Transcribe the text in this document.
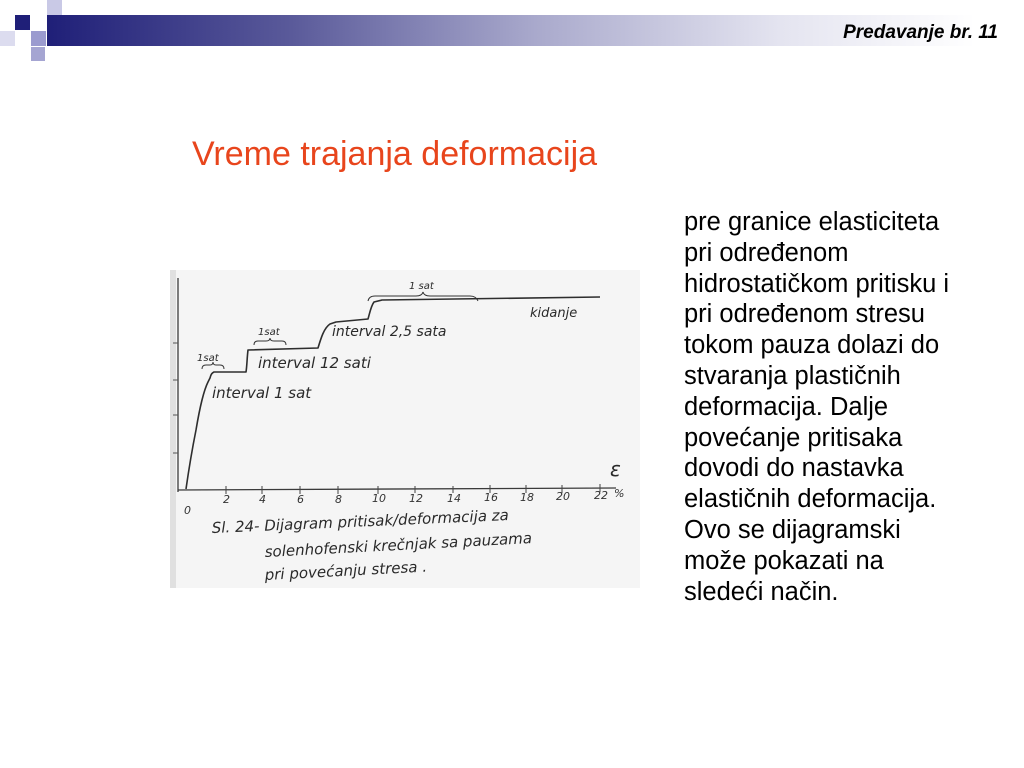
Predavanje br. 11
Vreme trajanja deformacija
0
2	4	6	8	10 12 14 16 18 20 22 %
ε
1sat
1sat
1 sat
interval 1 sat
interval 12 sati
interval 2,5 sata
kidanje
Sl. 24- Dijagram pritisak/deformacija za
solenhofenski krečnjak sa pauzama
pri povećanju stresa .
pre granice elasticiteta
pri određenom
hidrostatičkom pritisku i
pri određenom stresu
tokom pauza dolazi do
stvaranja plastičnih
deformacija. Dalje
povećanje pritisaka
dovodi do nastavka
elastičnih deformacija.
Ovo se dijagramski
može pokazati na
sledeći način.
